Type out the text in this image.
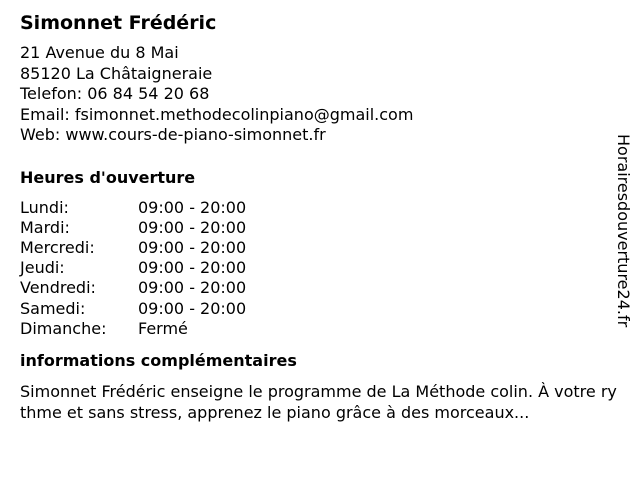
Simonnet Frédéric
21 Avenue du 8 Mai
85120 La Châtaigneraie
Telefon: 06 84 54 20 68
Email: fsimonnet.methodecolinpiano@gmail.com
Web: www.cours-de-piano-simonnet.fr
Heures d'ouverture
Lundi:	09:00 - 20:00
Mardi:	09:00 - 20:00
Mercredi:	09:00 - 20:00
Jeudi:	09:00 - 20:00
Vendredi:	09:00 - 20:00
Samedi:	09:00 - 20:00
Dimanche: Fermé
informations complémentaires
Simonnet Frédéric enseigne le programme de La Méthode colin. À votre rythme et sans stress, apprenez le piano grâce à des morceaux...
Horairesdouverture24.fr
